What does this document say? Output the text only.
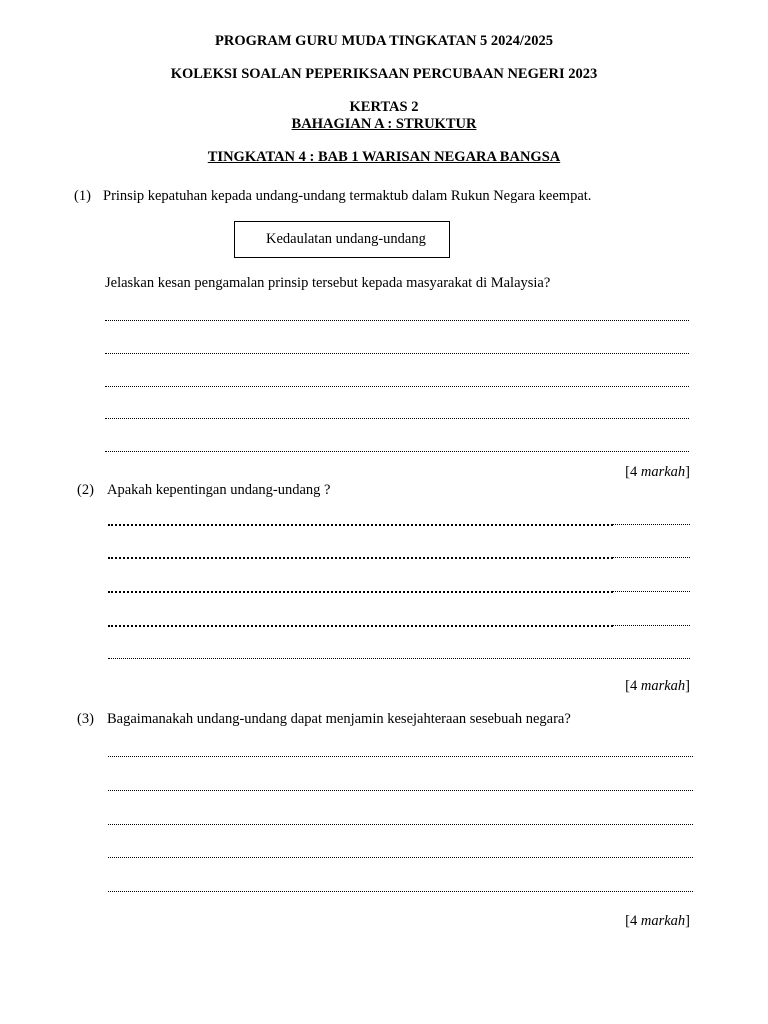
PROGRAM GURU MUDA TINGKATAN 5 2024/2025
KOLEKSI SOALAN PEPERIKSAAN PERCUBAAN NEGERI 2023
KERTAS 2
BAHAGIAN A : STRUKTUR
TINGKATAN 4 : BAB 1 WARISAN NEGARA BANGSA
(1) Prinsip kepatuhan kepada undang-undang termaktub dalam Rukun Negara keempat.
Kedaulatan undang-undang
Jelaskan kesan pengamalan prinsip tersebut kepada masyarakat di Malaysia?
[4 markah]
(2) Apakah kepentingan undang-undang ?
[4 markah]
(3) Bagaimanakah undang-undang dapat menjamin kesejahteraan sesebuah negara?
[4 markah]
